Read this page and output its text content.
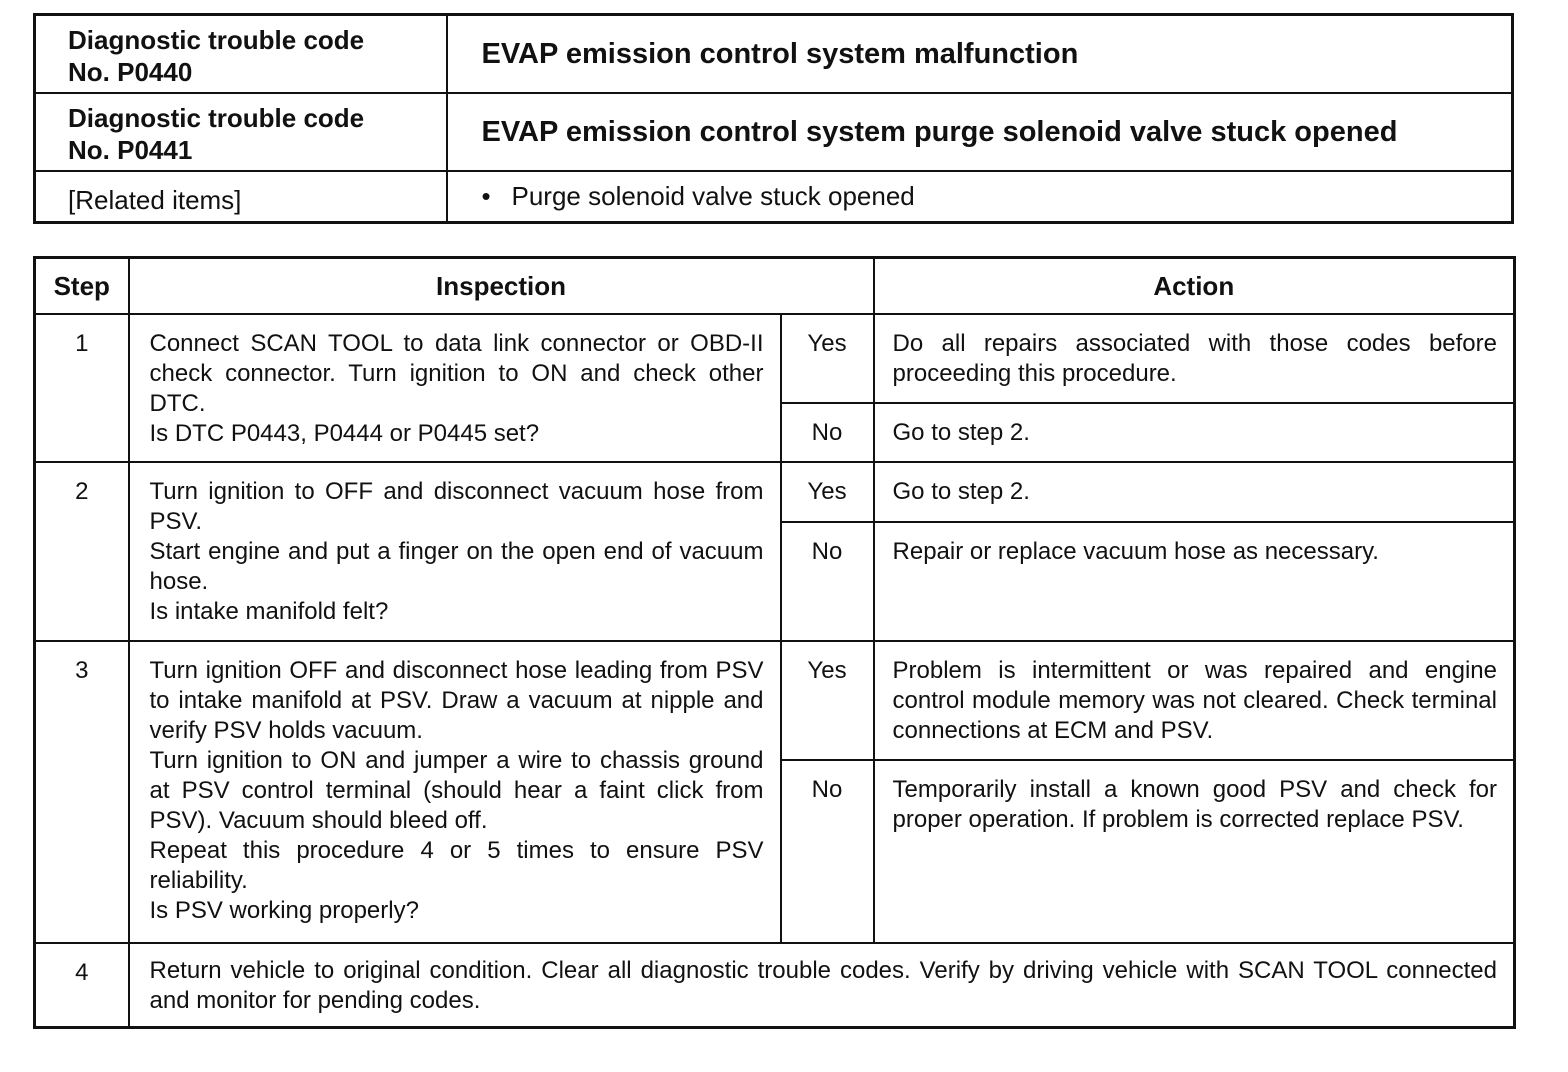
Diagnostic trouble code
No. P0440	EVAP emission control system malfunction

Diagnostic trouble code
No. P0441	EVAP emission control system purge solenoid valve stuck opened
[Related items]	• Purge solenoid valve stuck opened
Step	Inspection		Action
1	Connect SCAN TOOL to data link connector or OBD-II check connector. Turn ignition to ON and check other DTC.

Is DTC P0443, P0444 or P0445 set?	Yes	Do all repairs associated with those codes before proceeding this procedure.
		No	Go to step 2.
2	Turn ignition to OFF and disconnect vacuum hose from PSV.

Start engine and put a finger on the open end of vacuum hose.

Is intake manifold felt?	Yes	Go to step 2.
		No	Repair or replace vacuum hose as necessary.
3	Turn ignition OFF and disconnect hose leading from PSV to intake manifold at PSV. Draw a vacuum at nipple and verify PSV holds vacuum.

Turn ignition to ON and jumper a wire to chassis ground at PSV control terminal (should hear a faint click from PSV). Vacuum should bleed off.

Repeat this procedure 4 or 5 times to ensure PSV reliability.

Is PSV working properly?	Yes	Problem is intermittent or was repaired and engine control module memory was not cleared. Check terminal connections at ECM and PSV.
		No	Temporarily install a known good PSV and check for proper operation. If problem is corrected replace PSV.
4	Return vehicle to original condition. Clear all diagnostic trouble codes. Verify by driving vehicle with SCAN TOOL connected and monitor for pending codes.		
